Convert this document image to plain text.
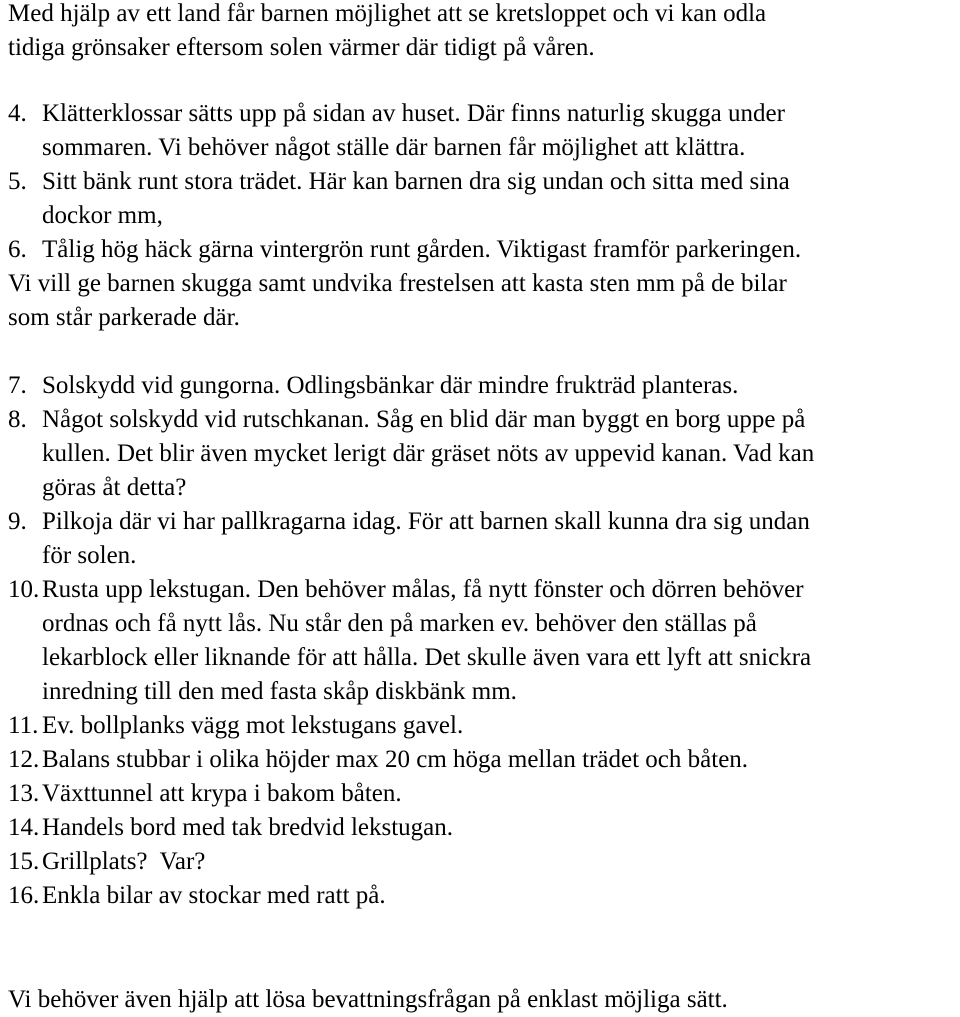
Med hjälp av ett land får barnen möjlighet att se kretsloppet och vi kan odla
tidiga grönsaker eftersom solen värmer där tidigt på våren.

4. Klätterklossar sätts upp på sidan av huset. Där finns naturlig skugga under
sommaren. Vi behöver något ställe där barnen får möjlighet att klättra.
5. Sitt bänk runt stora trädet. Här kan barnen dra sig undan och sitta med sina
dockor mm,
6. Tålig hög häck gärna vintergrön runt gården. Viktigast framför parkeringen.
Vi vill ge barnen skugga samt undvika frestelsen att kasta sten mm på de bilar
som står parkerade där.
7. Solskydd vid gungorna. Odlingsbänkar där mindre frukträd planteras.
8. Något solskydd vid rutschkanan. Såg en blid där man byggt en borg uppe på
kullen. Det blir även mycket lerigt där gräset nöts av uppevid kanan. Vad kan
göras åt detta?
9. Pilkoja där vi har pallkragarna idag. För att barnen skall kunna dra sig undan
för solen.
10. Rusta upp lekstugan. Den behöver målas, få nytt fönster och dörren behöver
ordnas och få nytt lås. Nu står den på marken ev. behöver den ställas på
lekarblock eller liknande för att hålla. Det skulle även vara ett lyft att snickra
inredning till den med fasta skåp diskbänk mm.
11. Ev. bollplanks vägg mot lekstugans gavel.
12. Balans stubbar i olika höjder max 20 cm höga mellan trädet och båten.
13. Växttunnel att krypa i bakom båten.
14. Handels bord med tak bredvid lekstugan.
15. Grillplats?  Var?
16. Enkla bilar av stockar med ratt på.

Vi behöver även hjälp att lösa bevattningsfrågan på enklast möjliga sätt.
